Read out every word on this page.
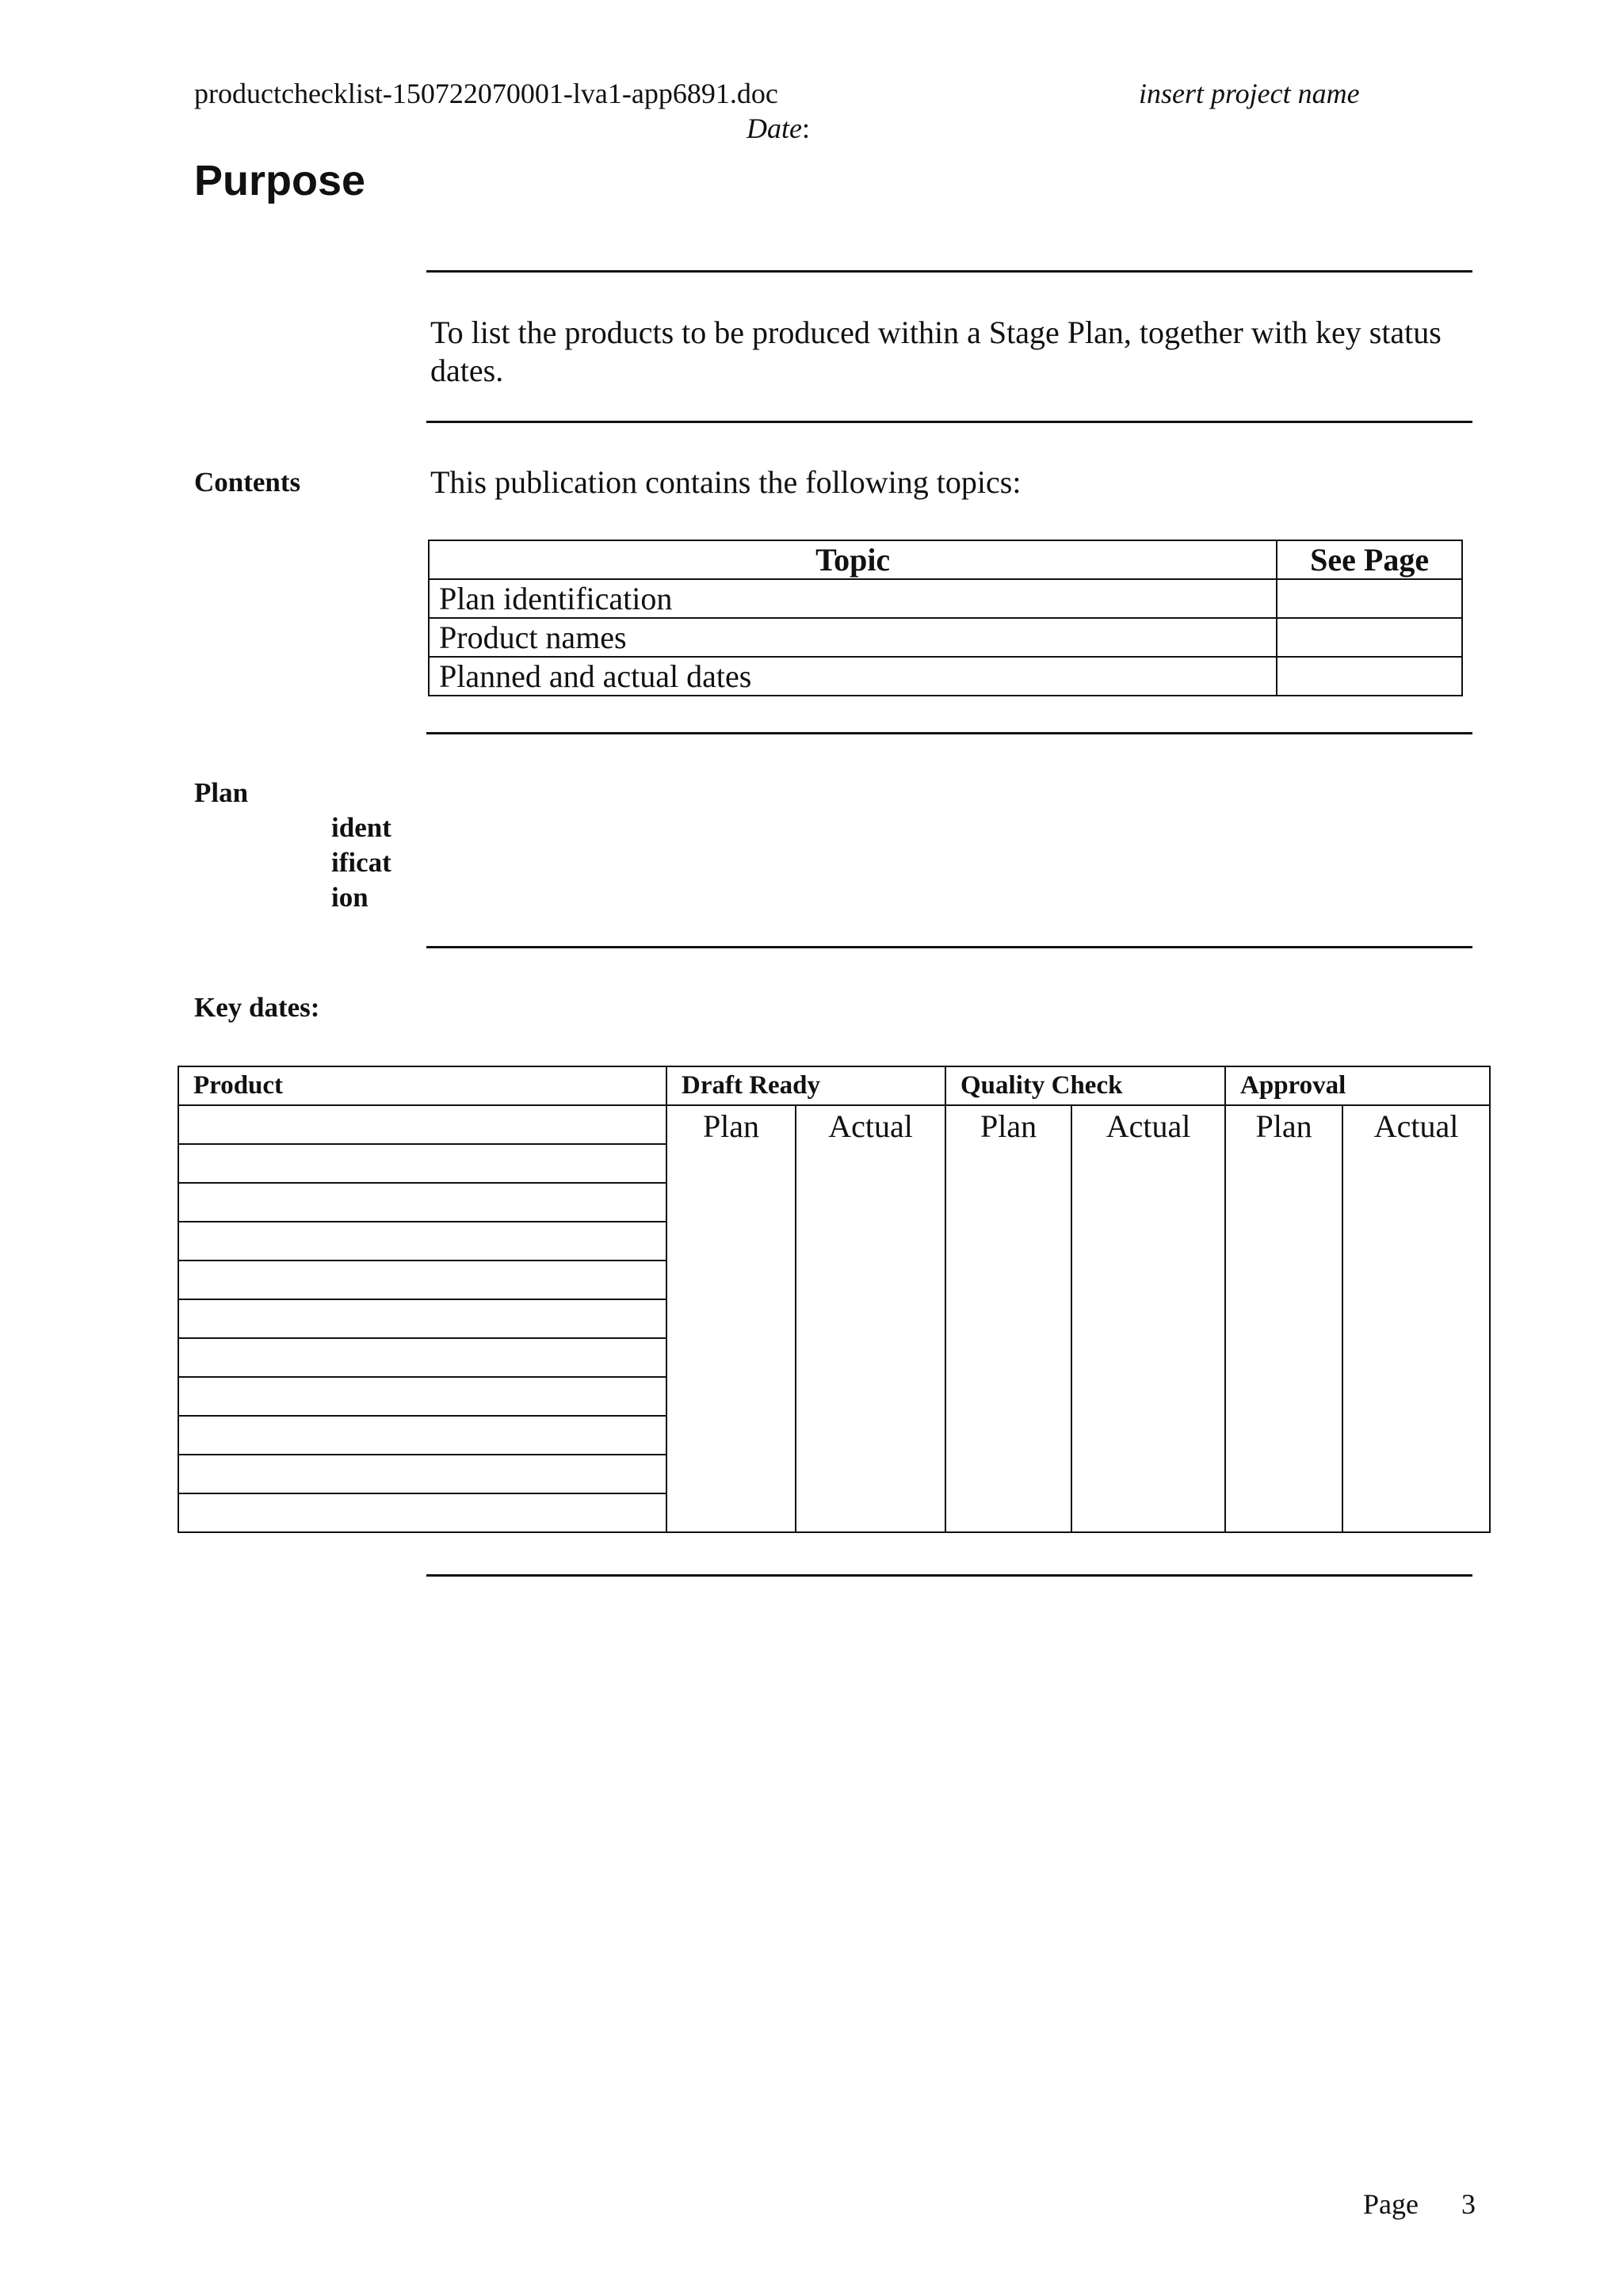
productchecklist-150722070001-lva1-app6891.doc	insert project name
Date:
Purpose
To list the products to be produced within a Stage Plan, together with key status dates.
Contents	This publication contains the following topics:
Topic	See Page
Plan identification	
Product names	
Planned and actual dates	
Plan
ident
ificat
ion
Key dates:
Product	Draft Ready		Quality Check		Approval	
	Plan	Actual	Plan	Actual	Plan	Actual

Page 3
